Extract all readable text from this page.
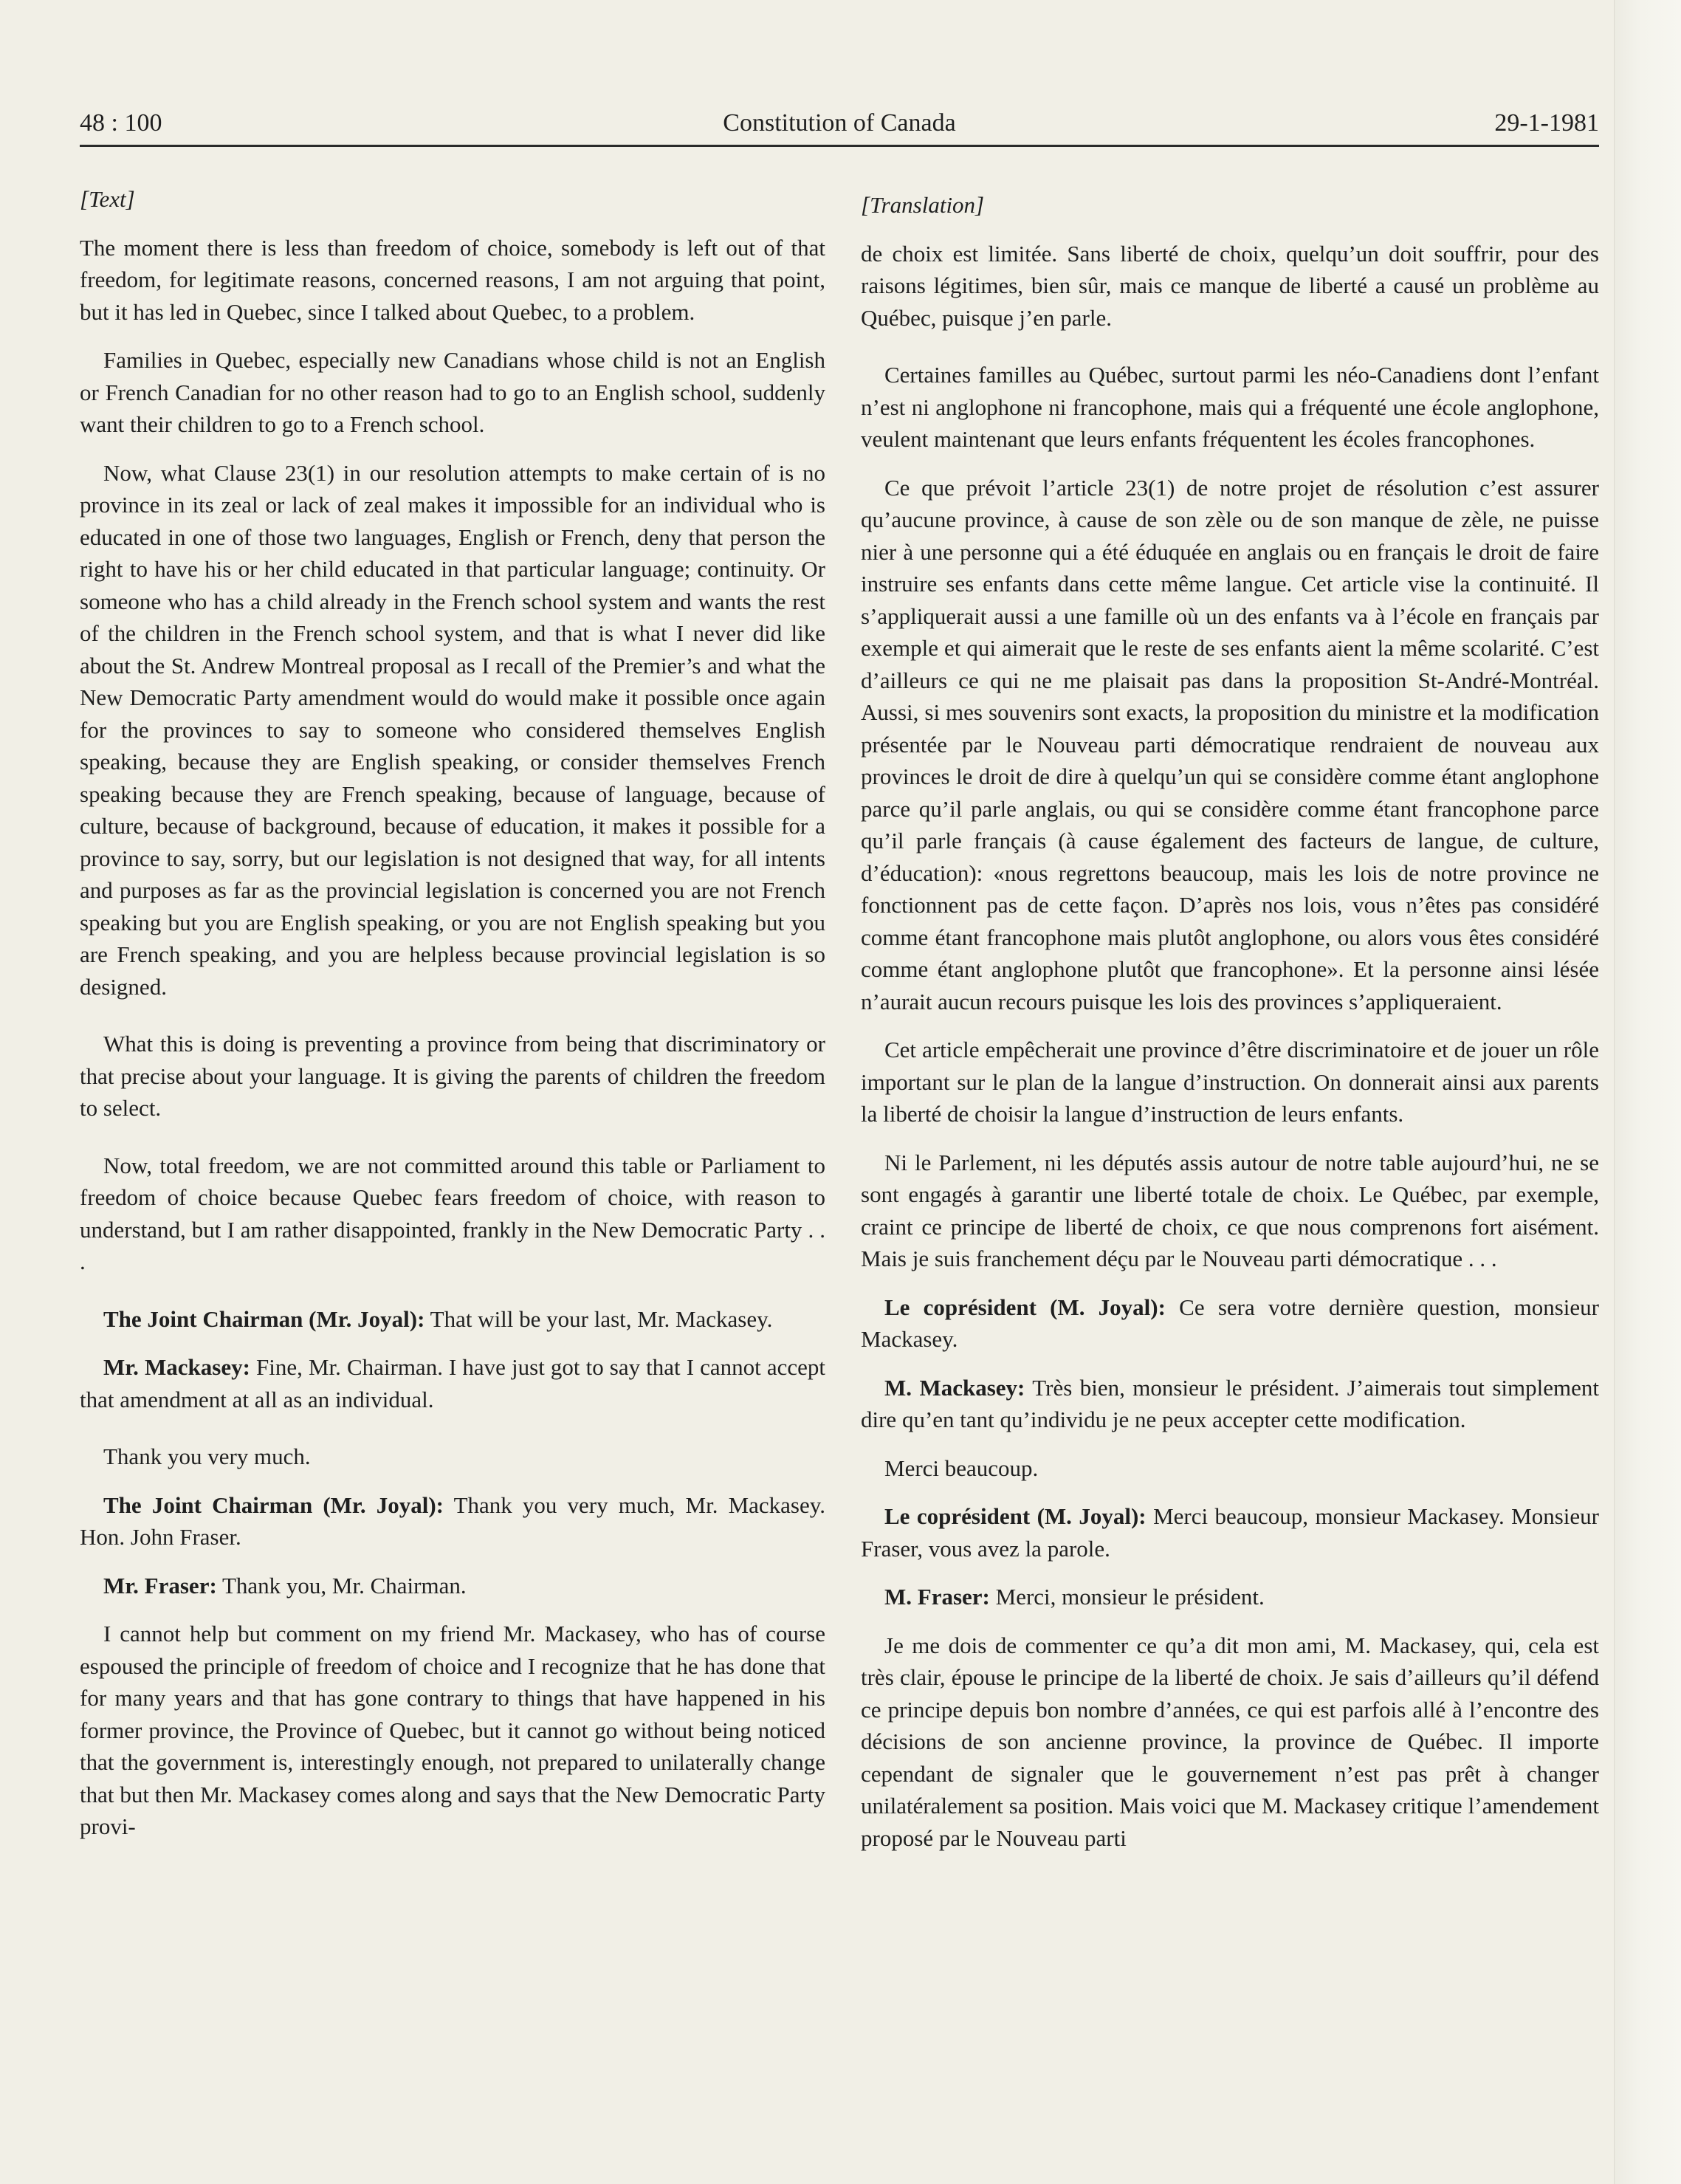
48 : 100	Constitution of Canada	29-1-1981

[Text]

The moment there is less than freedom of choice, somebody is left out of that freedom, for legitimate reasons, concerned reasons, I am not arguing that point, but it has led in Quebec, since I talked about Quebec, to a problem.

Families in Quebec, especially new Canadians whose child is not an English or French Canadian for no other reason had to go to an English school, suddenly want their children to go to a French school.

Now, what Clause 23(1) in our resolution attempts to make certain of is no province in its zeal or lack of zeal makes it impossible for an individual who is educated in one of those two languages, English or French, deny that person the right to have his or her child educated in that particular language; continuity. Or someone who has a child already in the French school system and wants the rest of the children in the French school system, and that is what I never did like about the St. Andrew Montreal proposal as I recall of the Premier’s and what the New Democratic Party amendment would do would make it possible once again for the provinces to say to someone who considered themselves English speaking, because they are English speaking, or consider themselves French speaking because they are French speaking, because of language, because of culture, because of background, because of education, it makes it possible for a province to say, sorry, but our legislation is not designed that way, for all intents and purposes as far as the provincial legislation is concerned you are not French speaking but you are English speaking, or you are not English speaking but you are French speaking, and you are helpless because provincial legislation is so designed.

What this is doing is preventing a province from being that discriminatory or that precise about your language. It is giving the parents of children the freedom to select.

Now, total freedom, we are not committed around this table or Parliament to freedom of choice because Quebec fears freedom of choice, with reason to understand, but I am rather disappointed, frankly in the New Democratic Party . . .

The Joint Chairman (Mr. Joyal): That will be your last, Mr. Mackasey.

Mr. Mackasey: Fine, Mr. Chairman. I have just got to say that I cannot accept that amendment at all as an individual.

Thank you very much.

The Joint Chairman (Mr. Joyal): Thank you very much, Mr. Mackasey. Hon. John Fraser.

Mr. Fraser: Thank you, Mr. Chairman.

I cannot help but comment on my friend Mr. Mackasey, who has of course espoused the principle of freedom of choice and I recognize that he has done that for many years and that has gone contrary to things that have happened in his former province, the Province of Quebec, but it cannot go without being noticed that the government is, interestingly enough, not prepared to unilaterally change that but then Mr. Mackasey comes along and says that the New Democratic Party provi-

[Translation]

de choix est limitée. Sans liberté de choix, quelqu’un doit souffrir, pour des raisons légitimes, bien sûr, mais ce manque de liberté a causé un problème au Québec, puisque j’en parle.

Certaines familles au Québec, surtout parmi les néo-Canadiens dont l’enfant n’est ni anglophone ni francophone, mais qui a fréquenté une école anglophone, veulent maintenant que leurs enfants fréquentent les écoles francophones.

Ce que prévoit l’article 23(1) de notre projet de résolution c’est assurer qu’aucune province, à cause de son zèle ou de son manque de zèle, ne puisse nier à une personne qui a été éduquée en anglais ou en français le droit de faire instruire ses enfants dans cette même langue. Cet article vise la continuité. Il s’appliquerait aussi a une famille où un des enfants va à l’école en français par exemple et qui aimerait que le reste de ses enfants aient la même scolarité. C’est d’ailleurs ce qui ne me plaisait pas dans la proposition St-André-Montréal. Aussi, si mes souvenirs sont exacts, la proposition du ministre et la modification présentée par le Nouveau parti démocratique rendraient de nouveau aux provinces le droit de dire à quelqu’un qui se considère comme étant anglophone parce qu’il parle anglais, ou qui se considère comme étant francophone parce qu’il parle français (à cause également des facteurs de langue, de culture, d’éducation): «nous regrettons beaucoup, mais les lois de notre province ne fonctionnent pas de cette façon. D’après nos lois, vous n’êtes pas considéré comme étant francophone mais plutôt anglophone, ou alors vous êtes considéré comme étant anglophone plutôt que francophone». Et la personne ainsi lésée n’aurait aucun recours puisque les lois des provinces s’appliqueraient.

Cet article empêcherait une province d’être discriminatoire et de jouer un rôle important sur le plan de la langue d’instruction. On donnerait ainsi aux parents la liberté de choisir la langue d’instruction de leurs enfants.

Ni le Parlement, ni les députés assis autour de notre table aujourd’hui, ne se sont engagés à garantir une liberté totale de choix. Le Québec, par exemple, craint ce principe de liberté de choix, ce que nous comprenons fort aisément. Mais je suis franchement déçu par le Nouveau parti démocratique . . .

Le coprésident (M. Joyal): Ce sera votre dernière question, monsieur Mackasey.

M. Mackasey: Très bien, monsieur le président. J’aimerais tout simplement dire qu’en tant qu’individu je ne peux accepter cette modification.

Merci beaucoup.

Le coprésident (M. Joyal): Merci beaucoup, monsieur Mackasey. Monsieur Fraser, vous avez la parole.

M. Fraser: Merci, monsieur le président.

Je me dois de commenter ce qu’a dit mon ami, M. Mackasey, qui, cela est très clair, épouse le principe de la liberté de choix. Je sais d’ailleurs qu’il défend ce principe depuis bon nombre d’années, ce qui est parfois allé à l’encontre des décisions de son ancienne province, la province de Québec. Il importe cependant de signaler que le gouvernement n’est pas prêt à changer unilatéralement sa position. Mais voici que M. Mackasey critique l’amendement proposé par le Nouveau parti
